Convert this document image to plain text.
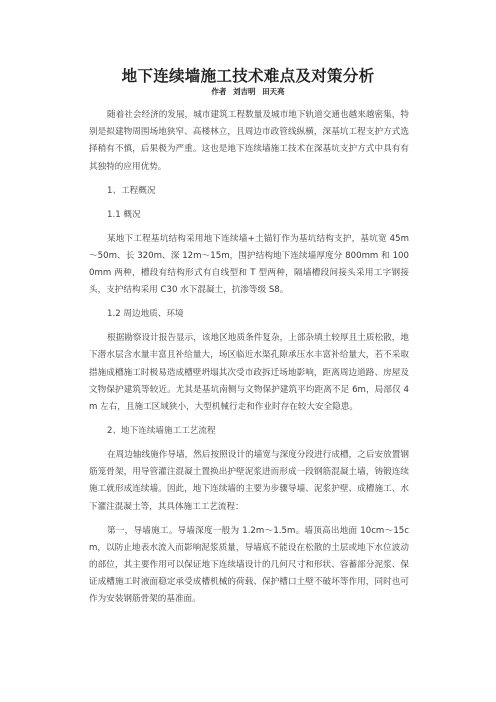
地下连续墙施工技术难点及对策分析
作者 刘吉明 田天亮

随着社会经济的发展，城市建筑工程数量及城市地下轨道交通也越来越密集，特别是拟建物周围场地狭窄、高楼林立，且周边市政管线纵横，深基坑工程支护方式选择稍有不慎，后果极为严重。这也是地下连续墙施工技术在深基坑支护方式中具有有其独特的应用优势。

1、工程概况

1.1 概况

某地下工程基坑结构采用地下连续墙+土锚钉作为基坑结构支护，基坑宽 45m～50m、长 320m、深 12m～15m，围护结构地下连续墙厚度分 800mm 和 1000mm 两种，槽段有结构形式有自线型和 T 型两种，隔墙槽段间接头采用工字钢接头，支护结构采用 C30 水下混凝土，抗渗等级 S8。

1.2 周边地质、环境

根据勘察设计报告显示，该地区地质条件复杂，上部杂填土较厚且土质松散，地下潜水层含水量丰富且补给量大，场区临近水渠孔隙承压水丰富补给量大，若不采取措施成槽施工时极易造成槽壁坍塌其次受市政拆迁场地影响，距离周边道路、房屋及文物保护建筑等较近。尤其是基坑南侧与文物保护建筑平均距离不足 6m，局部仅 4m 左右，且施工区域狭小，大型机械行走和作业时存在较大安全隐患。

2、地下连续墙施工工艺流程

在周边轴线施作导墙，然后按照设计的墙宽与深度分段进行成槽，之后安放置钢筋笼骨架，用导管灌注混凝土置换出护壁泥浆进而形成一段钢筋混凝土墙，铸锻连续施工就形成连续墙。因此，地下连续墙的主要为步骤导墙、泥浆护壁、成槽施工、水下灌注混凝土等，其具体施工工艺流程：

第一，导墙施工。导墙深度一般为 1.2m～1.5m。墙顶高出地面 10cm～15cm，以防止地表水流入而影响泥浆质量，导墙底不能设在松散的土层或地下水位波动的部位，其主要作用可以保证地下连续墙设计的几何尺寸和形状、容蓄部分泥浆、保证成槽施工时液面稳定承受成槽机械的荷载、保护槽口土壁不破坏等作用，同时也可作为安装钢筋骨架的基准面。
